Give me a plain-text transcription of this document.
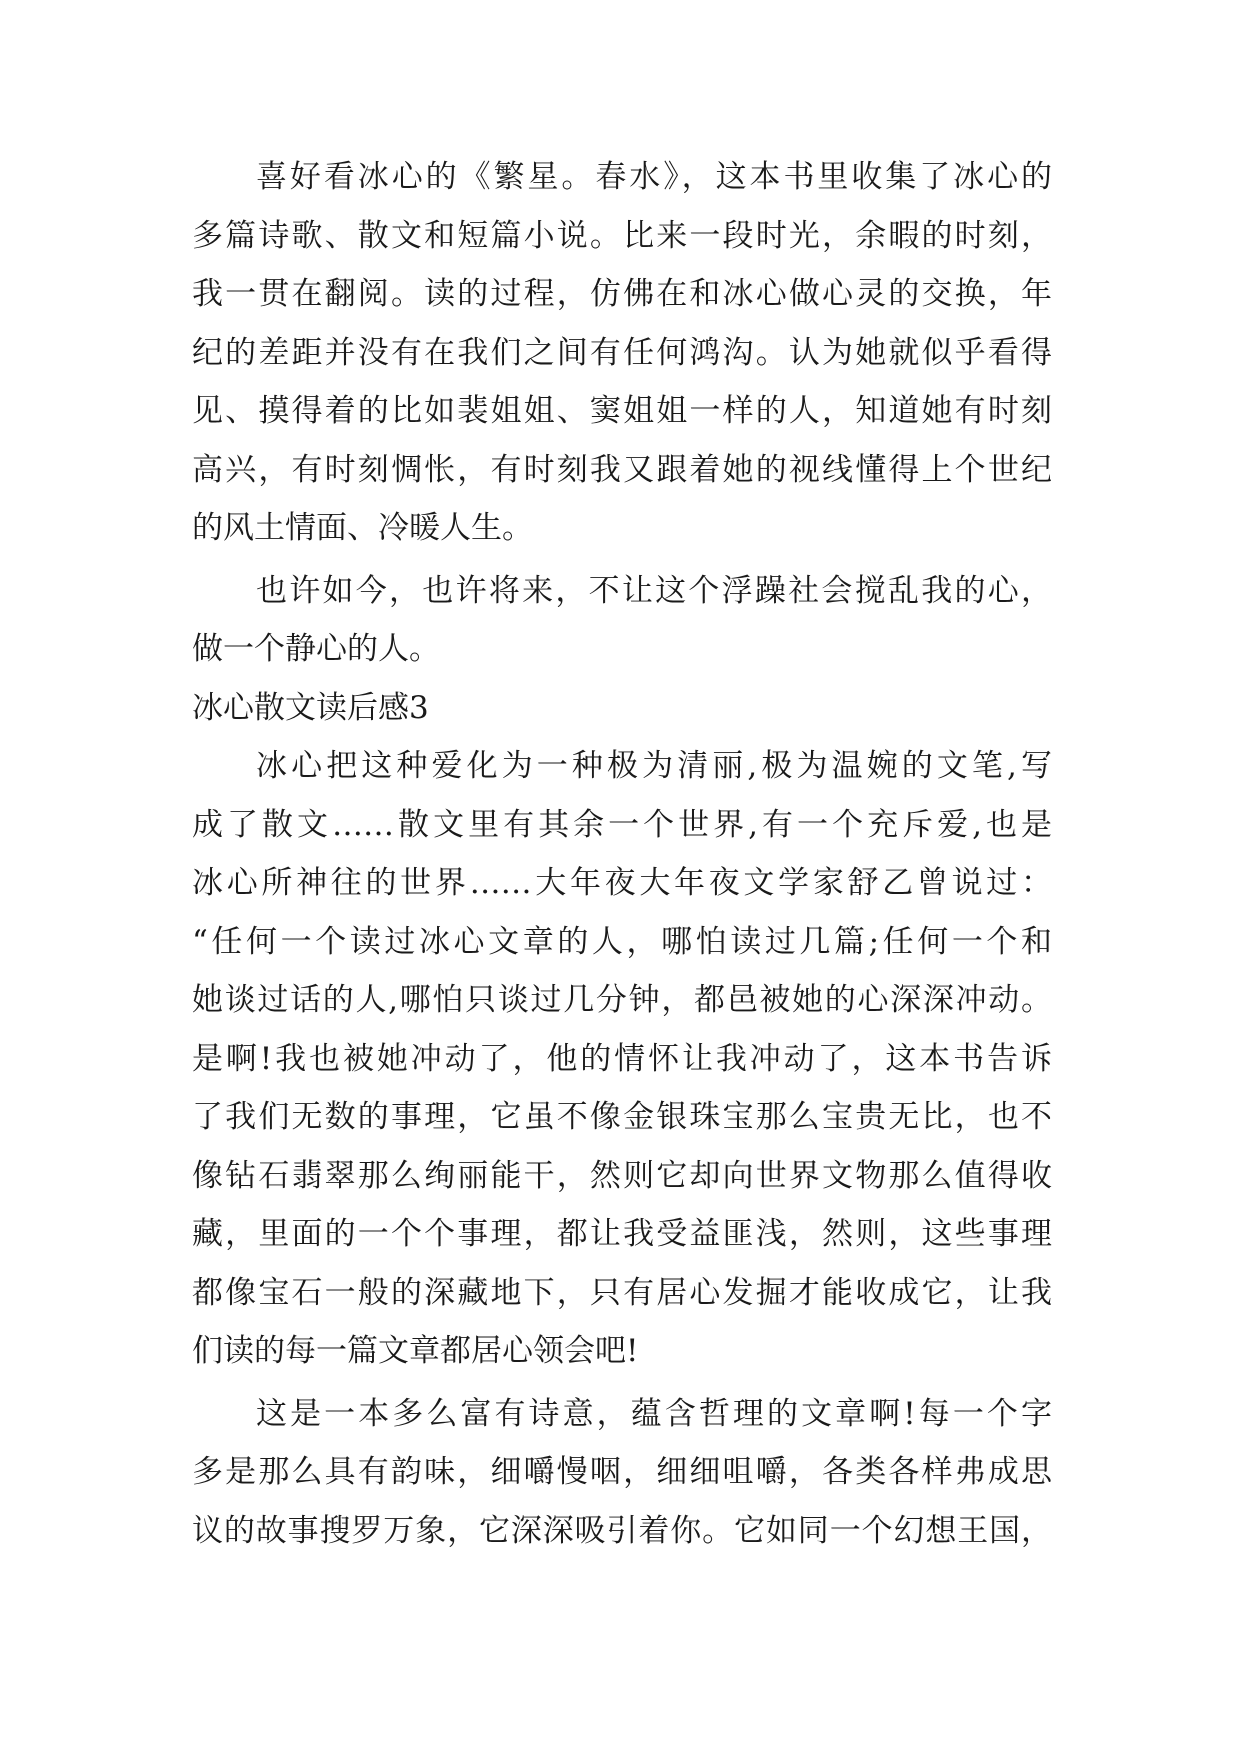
喜好看冰心的《繁星。春水》，这本书里收集了冰心的
多篇诗歌、散文和短篇小说。比来一段时光，余暇的时刻，
我一贯在翻阅。读的过程，仿佛在和冰心做心灵的交换，年
纪的差距并没有在我们之间有任何鸿沟。认为她就似乎看得
见、摸得着的比如裴姐姐、窦姐姐一样的人，知道她有时刻
高兴，有时刻惆怅，有时刻我又跟着她的视线懂得上个世纪
的风土情面、冷暖人生。
也许如今，也许将来，不让这个浮躁社会搅乱我的心，
做一个静心的人。
冰心散文读后感3
冰心把这种爱化为一种极为清丽,极为温婉的文笔,写
成了散文……散文里有其余一个世界,有一个充斥爱,也是
冰心所神往的世界……大年夜大年夜文学家舒乙曾说过：
“任何一个读过冰心文章的人，哪怕读过几篇;任何一个和
她谈过话的人,哪怕只谈过几分钟，都邑被她的心深深冲动。
是啊!我也被她冲动了，他的情怀让我冲动了，这本书告诉
了我们无数的事理，它虽不像金银珠宝那么宝贵无比，也不
像钻石翡翠那么绚丽能干，然则它却向世界文物那么值得收
藏，里面的一个个事理，都让我受益匪浅，然则，这些事理
都像宝石一般的深藏地下，只有居心发掘才能收成它，让我
们读的每一篇文章都居心领会吧!
这是一本多么富有诗意，蕴含哲理的文章啊!每一个字
多是那么具有韵味，细嚼慢咽，细细咀嚼，各类各样弗成思
议的故事搜罗万象，它深深吸引着你。它如同一个幻想王国，
